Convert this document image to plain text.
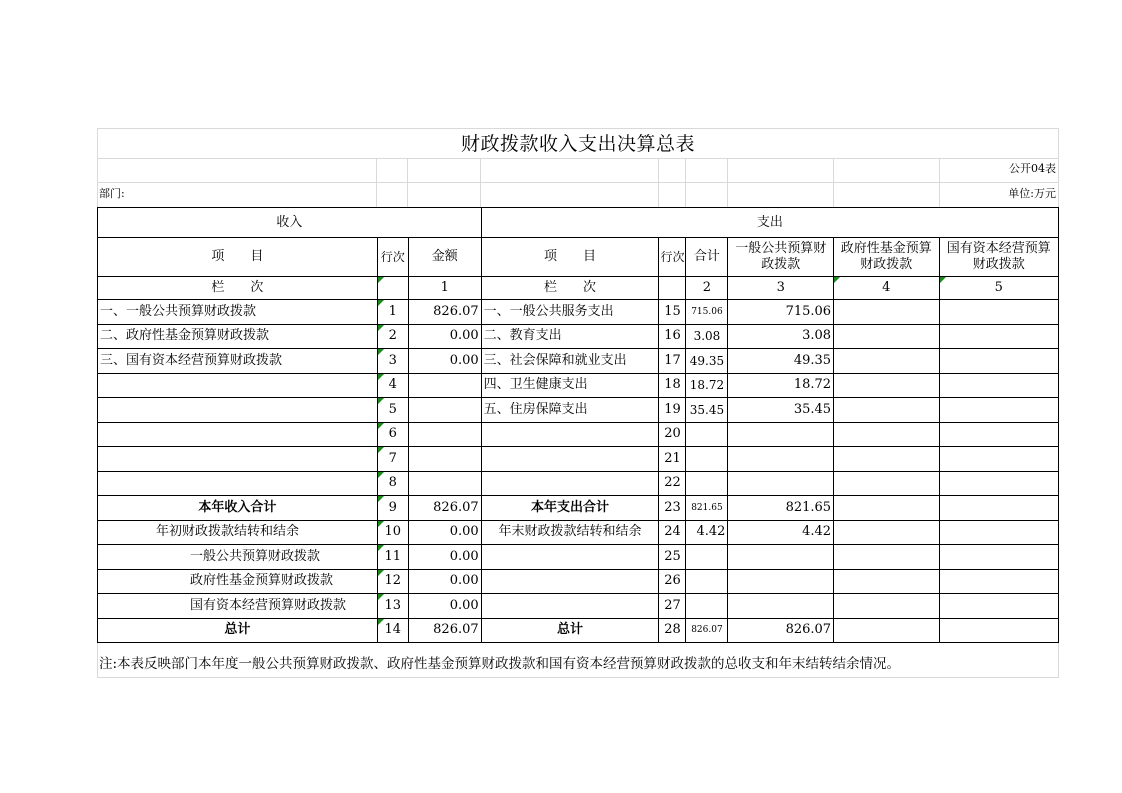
财政拨款收入支出决算总表
公开04表
部门:	单位:万元
收入			支出					
项　　目	行次	金额	项　　目	行次	合计	一般公共预算财政拨款	政府性基金预算财政拨款	国有资本经营预算财政拨款
栏　　次		1	栏　　次		2	3	4	5
一、一般公共预算财政拨款	1	826.07	一、一般公共服务支出	15	715.06	715.06		
二、政府性基金预算财政拨款	2	0.00	二、教育支出	16	3.08	3.08		
三、国有资本经营预算财政拨款	3	0.00	三、社会保障和就业支出	17	49.35	49.35		
	4		四、卫生健康支出	18	18.72	18.72		
	5		五、住房保障支出	19	35.45	35.45		
	6			20				
	7			21				
	8			22				
本年收入合计	9	826.07	本年支出合计	23	821.65	821.65		
年初财政拨款结转和结余	10	0.00	年末财政拨款结转和结余	24	4.42	4.42		
一般公共预算财政拨款	11	0.00		25				
政府性基金预算财政拨款	12	0.00		26				
国有资本经营预算财政拨款	13	0.00		27				
总计	14	826.07	总计	28	826.07	826.07		
注:本表反映部门本年度一般公共预算财政拨款、政府性基金预算财政拨款和国有资本经营预算财政拨款的总收支和年末结转结余情况。
